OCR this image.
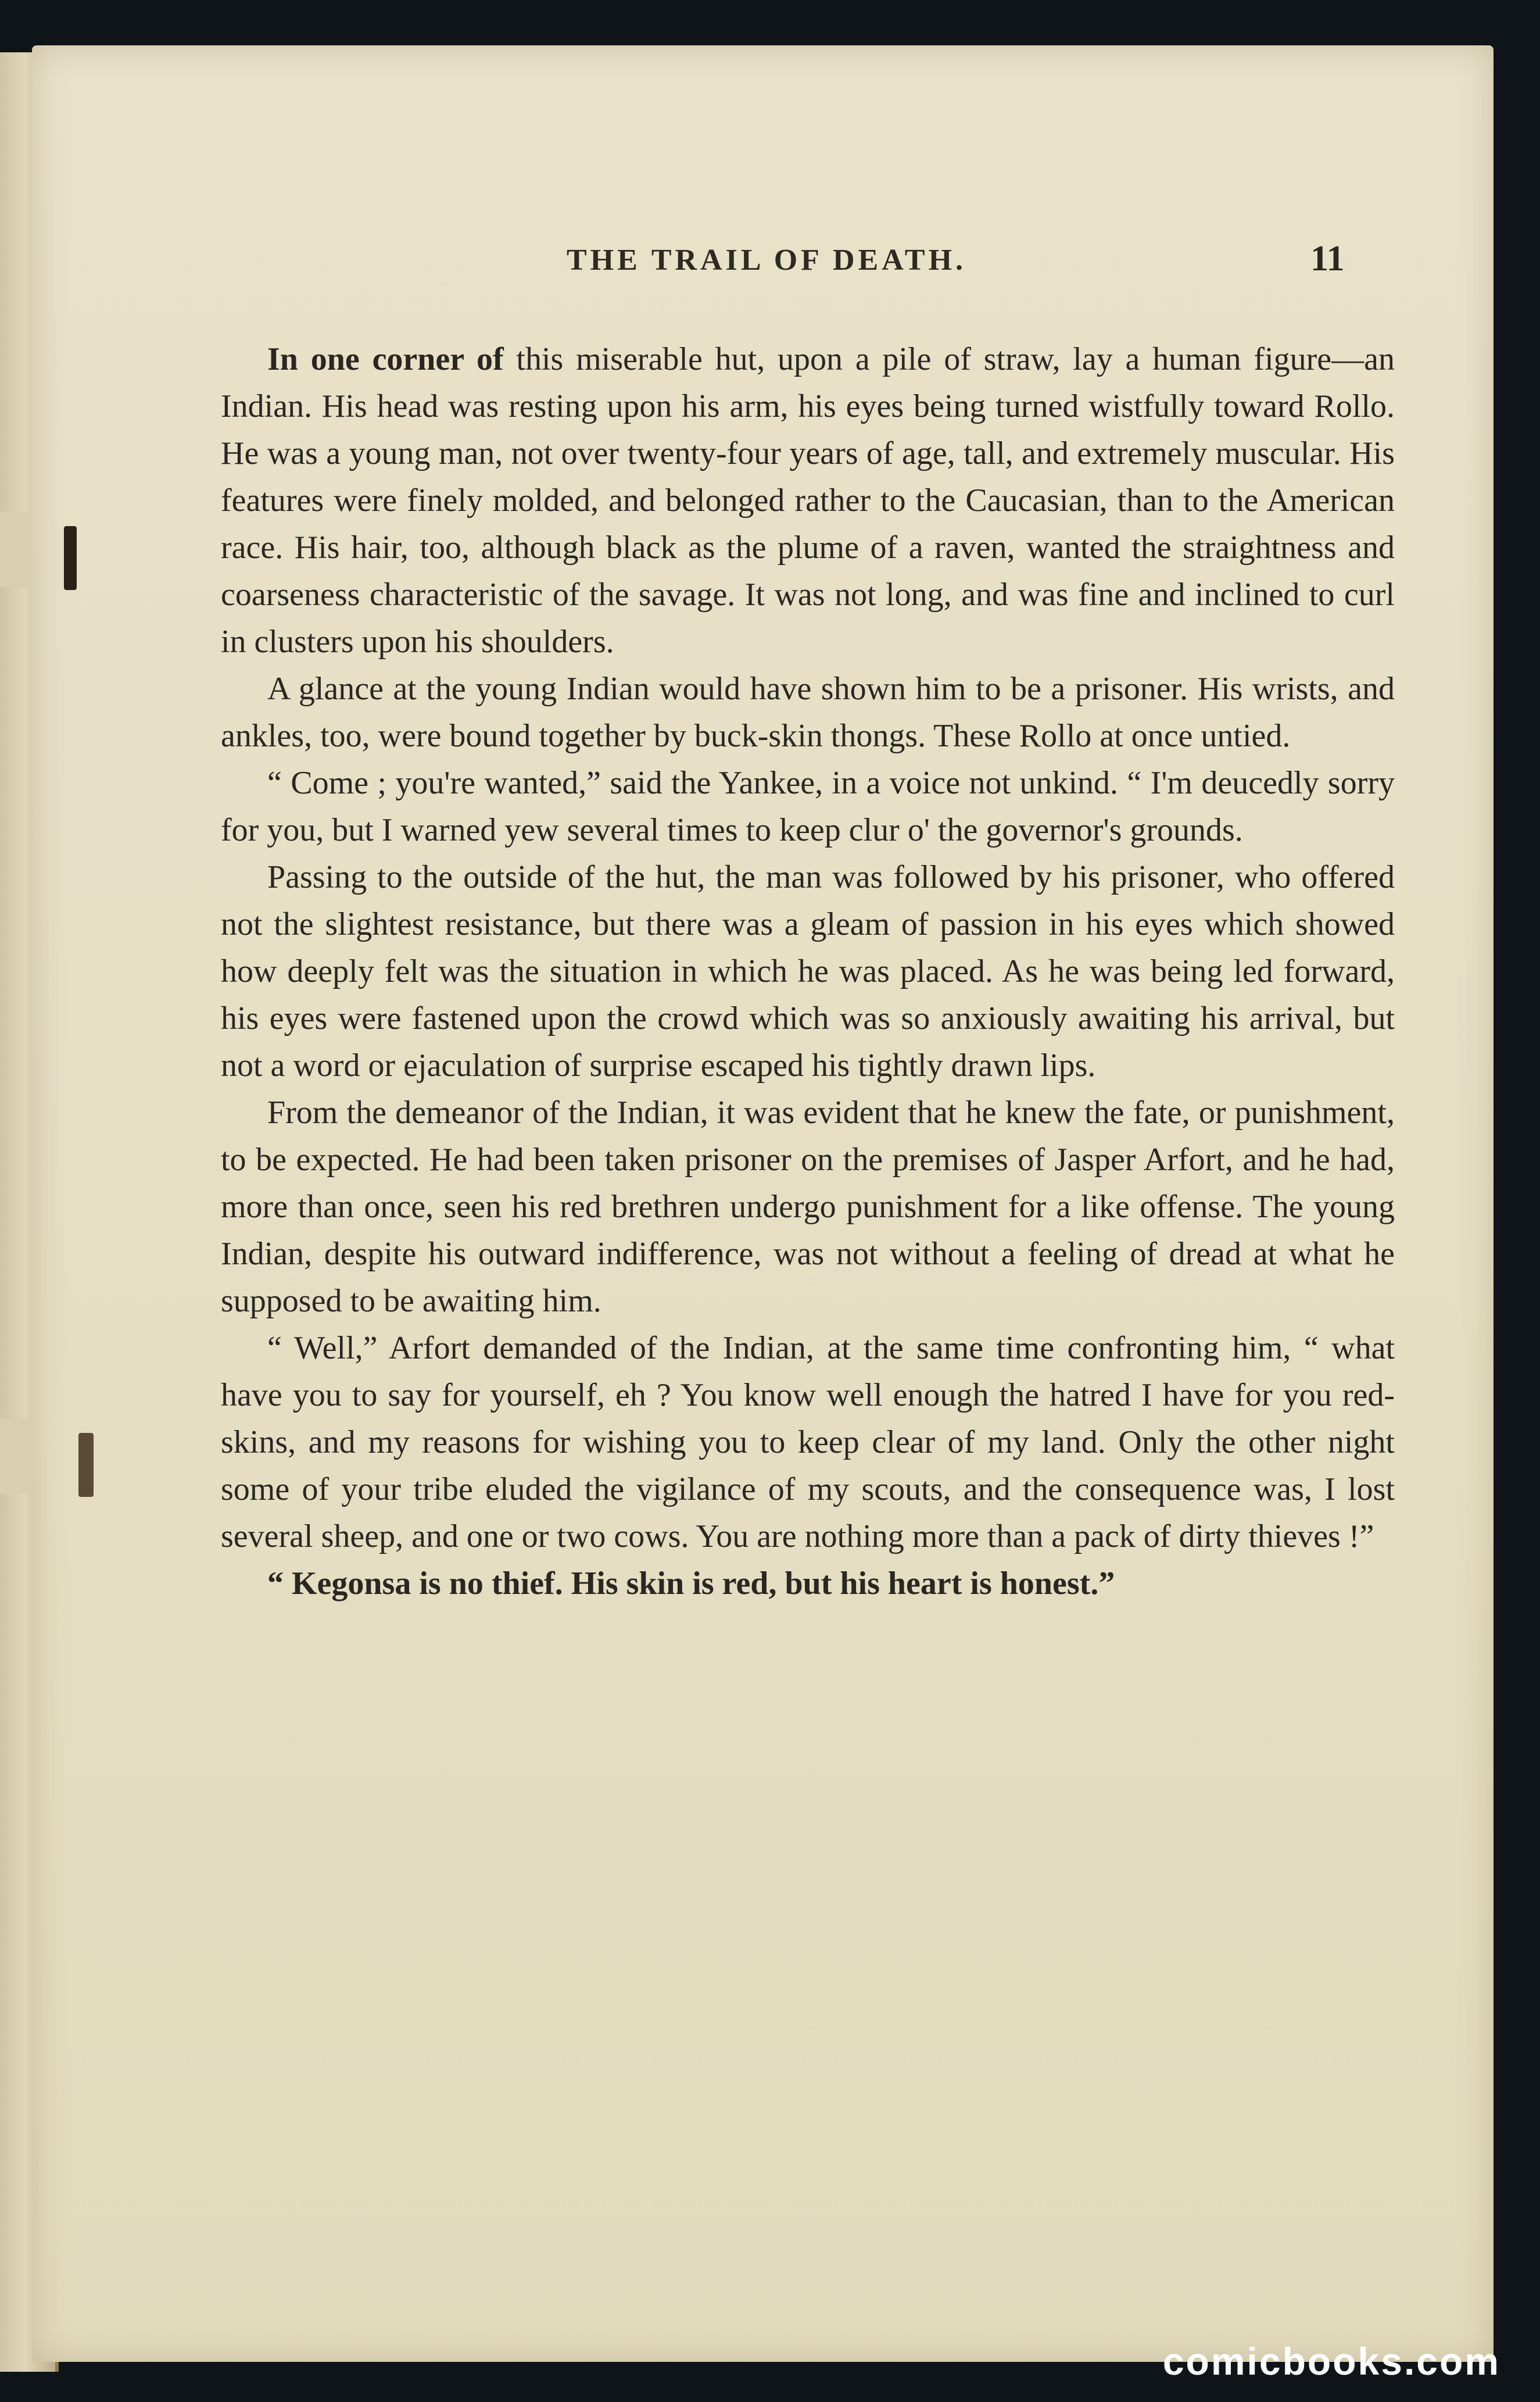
THE TRAIL OF DEATH.	11

In one corner of this miserable hut, upon a pile of straw, lay a human figure—an Indian. His head was resting upon his arm, his eyes being turned wistfully toward Rollo. He was a young man, not over twenty-four years of age, tall, and extremely muscular. His features were finely molded, and belonged rather to the Caucasian, than to the American race. His hair, too, although black as the plume of a raven, wanted the straightness and coarseness characteristic of the savage. It was not long, and was fine and inclined to curl in clusters upon his shoulders.

A glance at the young Indian would have shown him to be a prisoner. His wrists, and ankles, too, were bound together by buck-skin thongs. These Rollo at once untied.

“ Come ; you're wanted,” said the Yankee, in a voice not unkind. “ I'm deucedly sorry for you, but I warned yew several times to keep clur o' the governor's grounds.

Passing to the outside of the hut, the man was followed by his prisoner, who offered not the slightest resistance, but there was a gleam of passion in his eyes which showed how deeply felt was the situation in which he was placed. As he was being led forward, his eyes were fastened upon the crowd which was so anxiously awaiting his arrival, but not a word or ejaculation of surprise escaped his tightly drawn lips.

From the demeanor of the Indian, it was evident that he knew the fate, or punishment, to be expected. He had been taken prisoner on the premises of Jasper Arfort, and he had, more than once, seen his red brethren undergo punishment for a like offense. The young Indian, despite his outward indifference, was not without a feeling of dread at what he supposed to be awaiting him.

“ Well,” Arfort demanded of the Indian, at the same time confronting him, “ what have you to say for yourself, eh ? You know well enough the hatred I have for you red-skins, and my reasons for wishing you to keep clear of my land. Only the other night some of your tribe eluded the vigilance of my scouts, and the consequence was, I lost several sheep, and one or two cows. You are nothing more than a pack of dirty thieves !”

“ Kegonsa is no thief. His skin is red, but his heart is honest.”

comicbooks.com
